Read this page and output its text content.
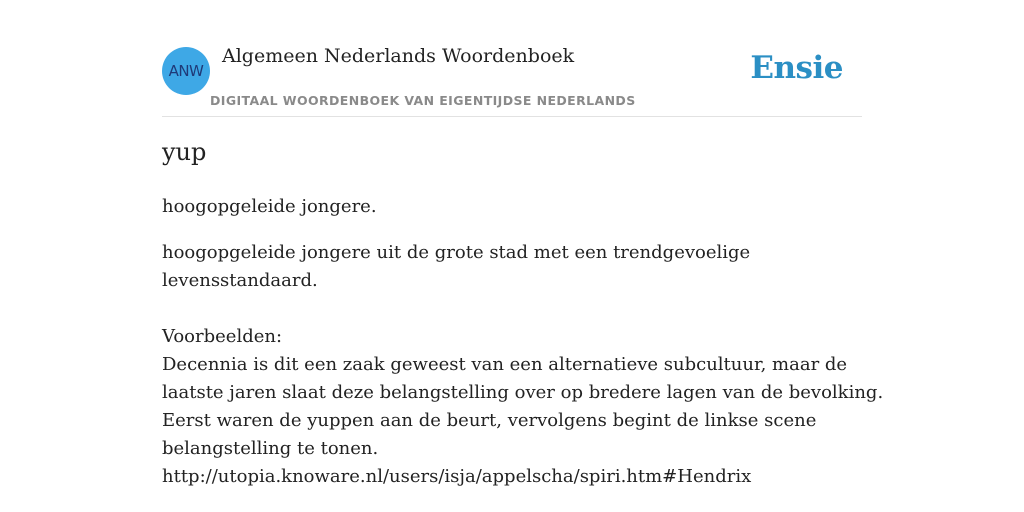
ANW
Algemeen Nederlands Woordenboek
DIGITAAL WOORDENBOEK VAN EIGENTIJDSE NEDERLANDS
Ensie
yup
hoogopgeleide jongere.
hoogopgeleide jongere uit de grote stad met een trendgevoelige
levensstandaard.
Voorbeelden:
Decennia is dit een zaak geweest van een alternatieve subcultuur, maar de
laatste jaren slaat deze belangstelling over op bredere lagen van de bevolking.
Eerst waren de yuppen aan de beurt, vervolgens begint de linkse scene
belangstelling te tonen.
http://utopia.knoware.nl/users/isja/appelscha/spiri.htm#Hendrix
